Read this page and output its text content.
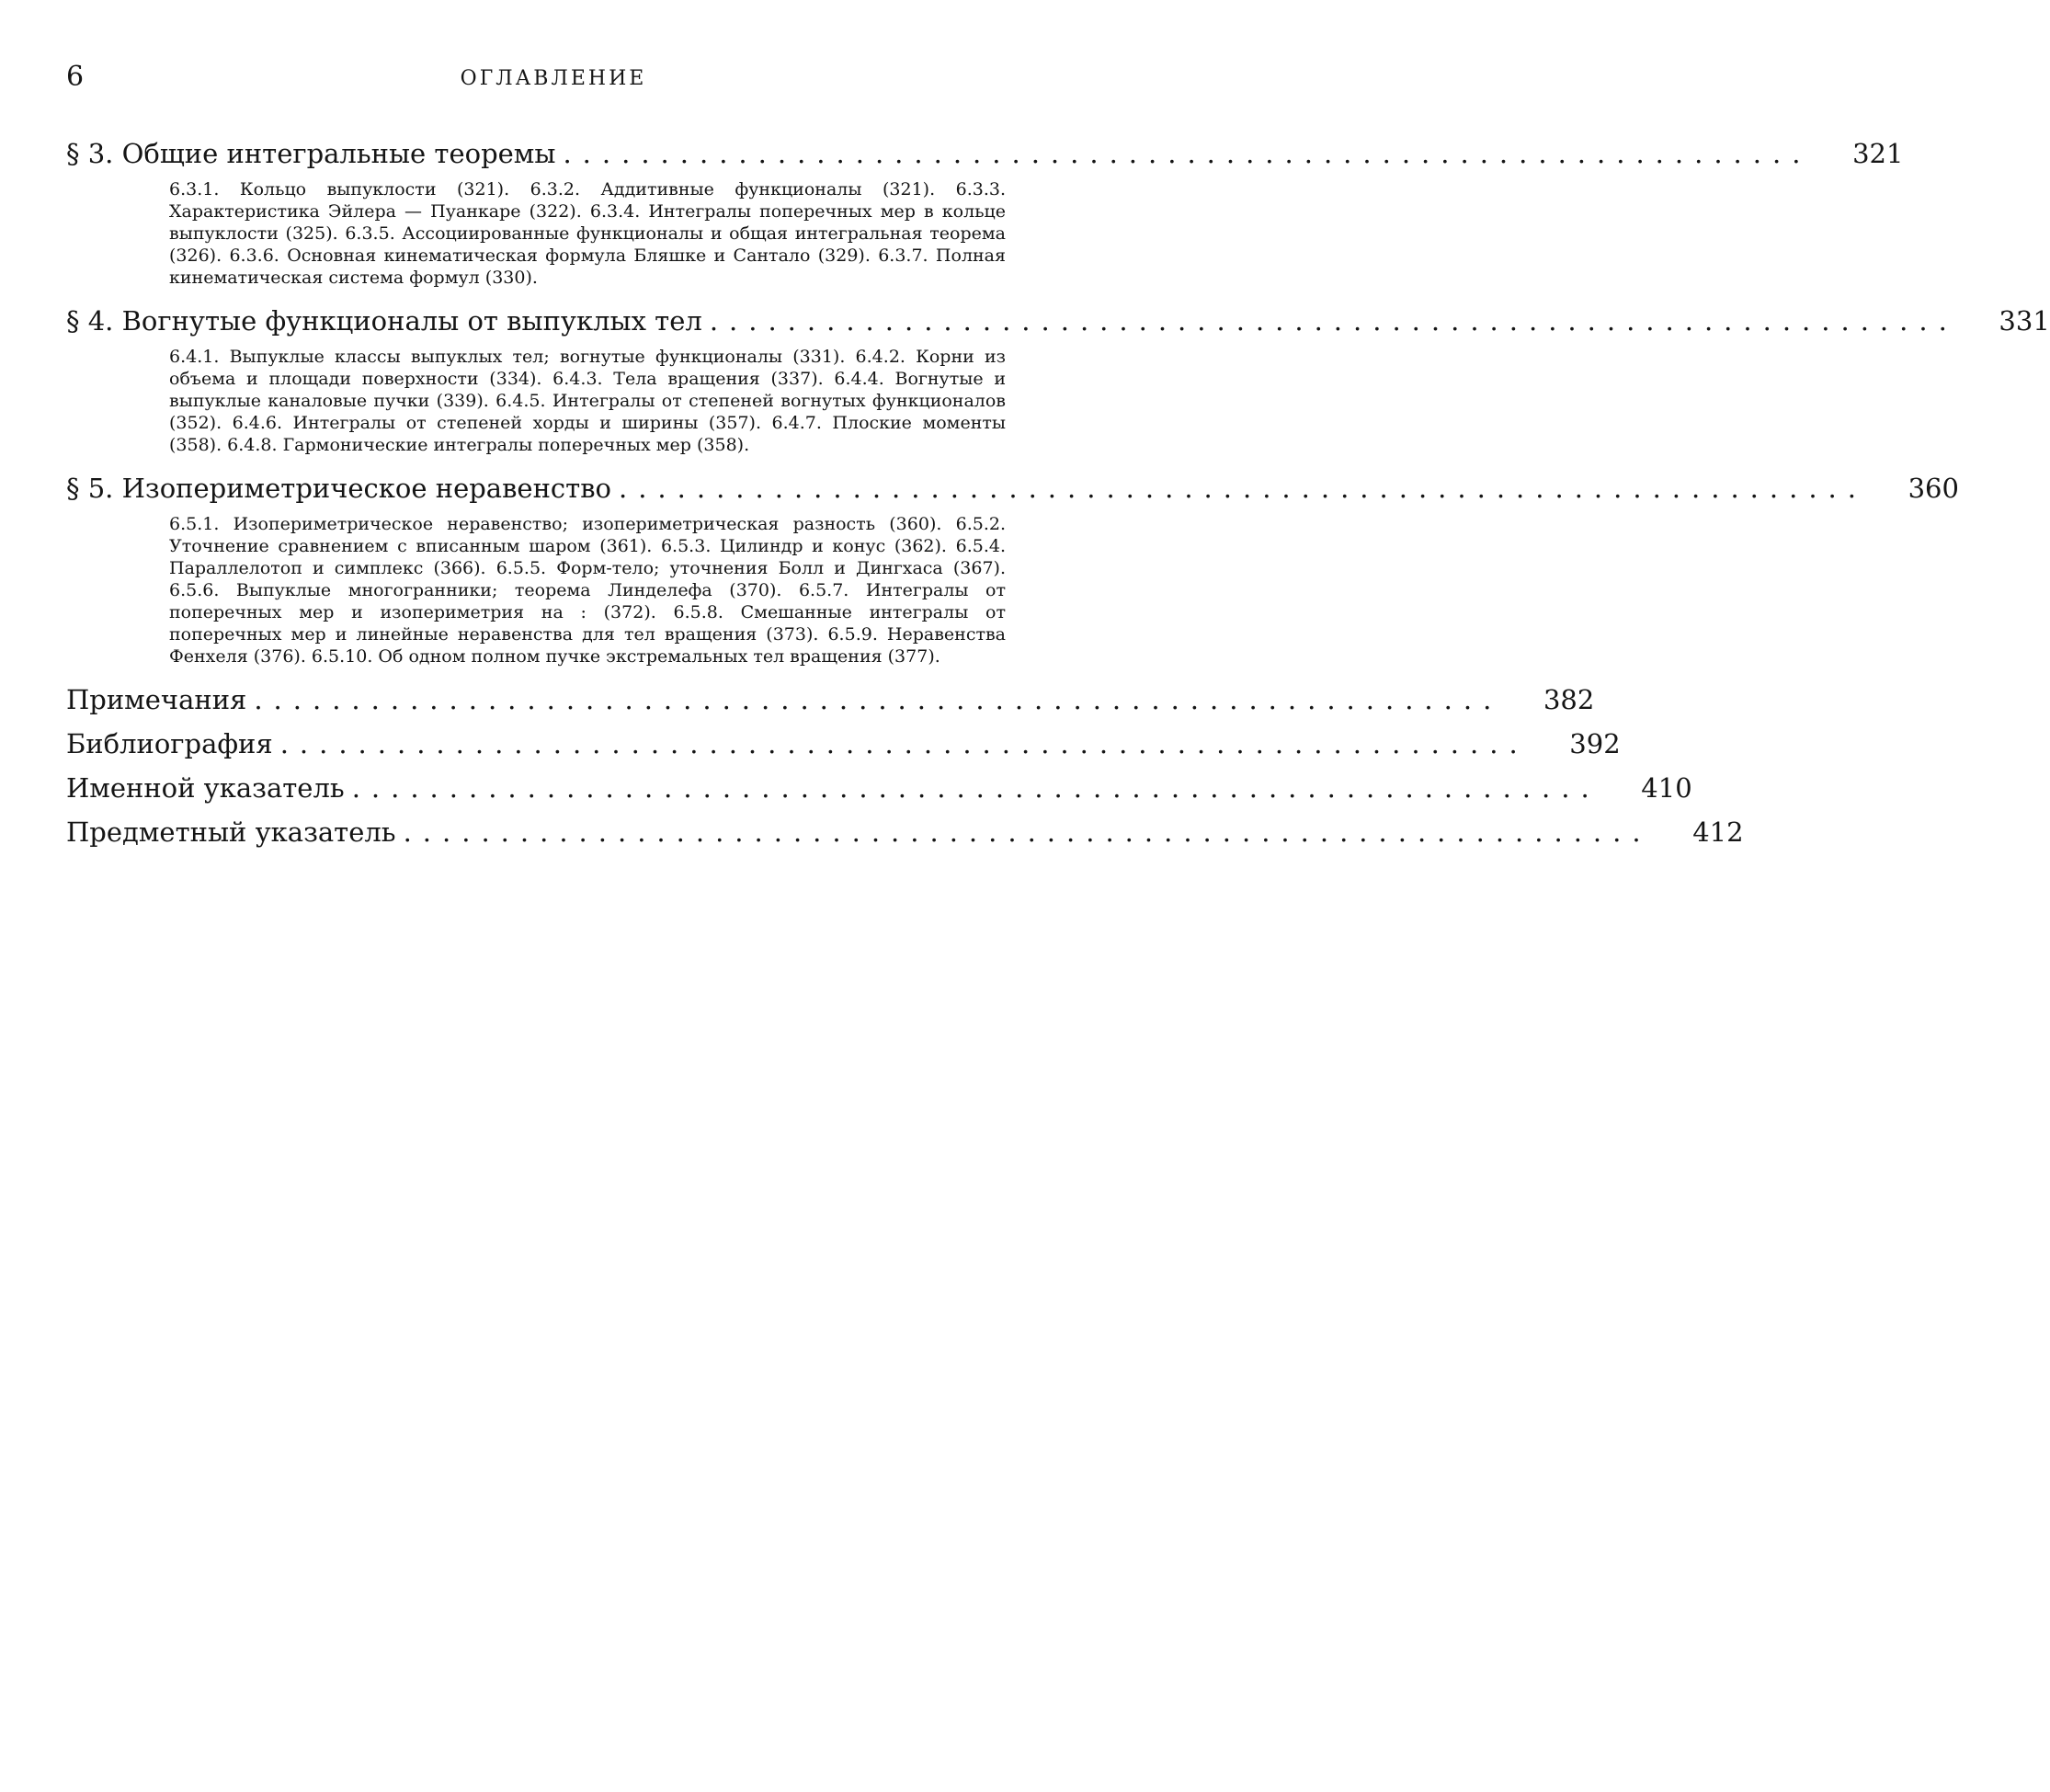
6	ОГЛАВЛЕНИЕ
§ 3. Общие интегральные теоремы ................................................................ 321
6.3.1. Кольцо выпуклости (321). 6.3.2. Аддитивные функционалы (321). 6.3.3. Характеристика Эйлера — Пуанкаре (322). 6.3.4. Интегралы поперечных мер в кольце выпуклости (325). 6.3.5. Ассоциированные функционалы и общая интегральная теорема (326). 6.3.6. Основная кинематическая формула Бляшке и Сантало (329). 6.3.7. Полная кинематическая система формул (330).
§ 4. Вогнутые функционалы от выпуклых тел ................................................................ 331
6.4.1. Выпуклые классы выпуклых тел; вогнутые функционалы (331). 6.4.2. Корни из объема и площади поверхности (334). 6.4.3. Тела вращения (337). 6.4.4. Вогнутые и выпуклые канaловые пучки (339). 6.4.5. Интегралы от степеней вогнутых функционалов (352). 6.4.6. Интегралы от степеней хорды и ширины (357). 6.4.7. Плоские моменты (358). 6.4.8. Гармонические интегралы поперечных мер (358).
§ 5. Изопериметрическое неравенство ................................................................ 360
6.5.1. Изопериметрическое неравенство; изопериметрическая разность (360). 6.5.2. Уточнение сравнением с вписанным шаром (361). 6.5.3. Цилиндр и конус (362). 6.5.4. Параллелотоп и симплекс (366). 6.5.5. Форм-тело; уточнения Болл и Дингхаса (367). 6.5.6. Выпуклые многогранники; теорема Линделефа (370). 6.5.7. Интегралы от поперечных мер и изопериметрия на : (372). 6.5.8. Смешанные интегралы от поперечных мер и линейные неравенства для тел вращения (373). 6.5.9. Неравенства Фенхеля (376). 6.5.10. Об одном полном пучке экстремальных тел вращения (377).
Примечания ................................................................ 382
Библиография ................................................................ 392
Именной указатель ................................................................ 410
Предметный указатель ................................................................ 412
